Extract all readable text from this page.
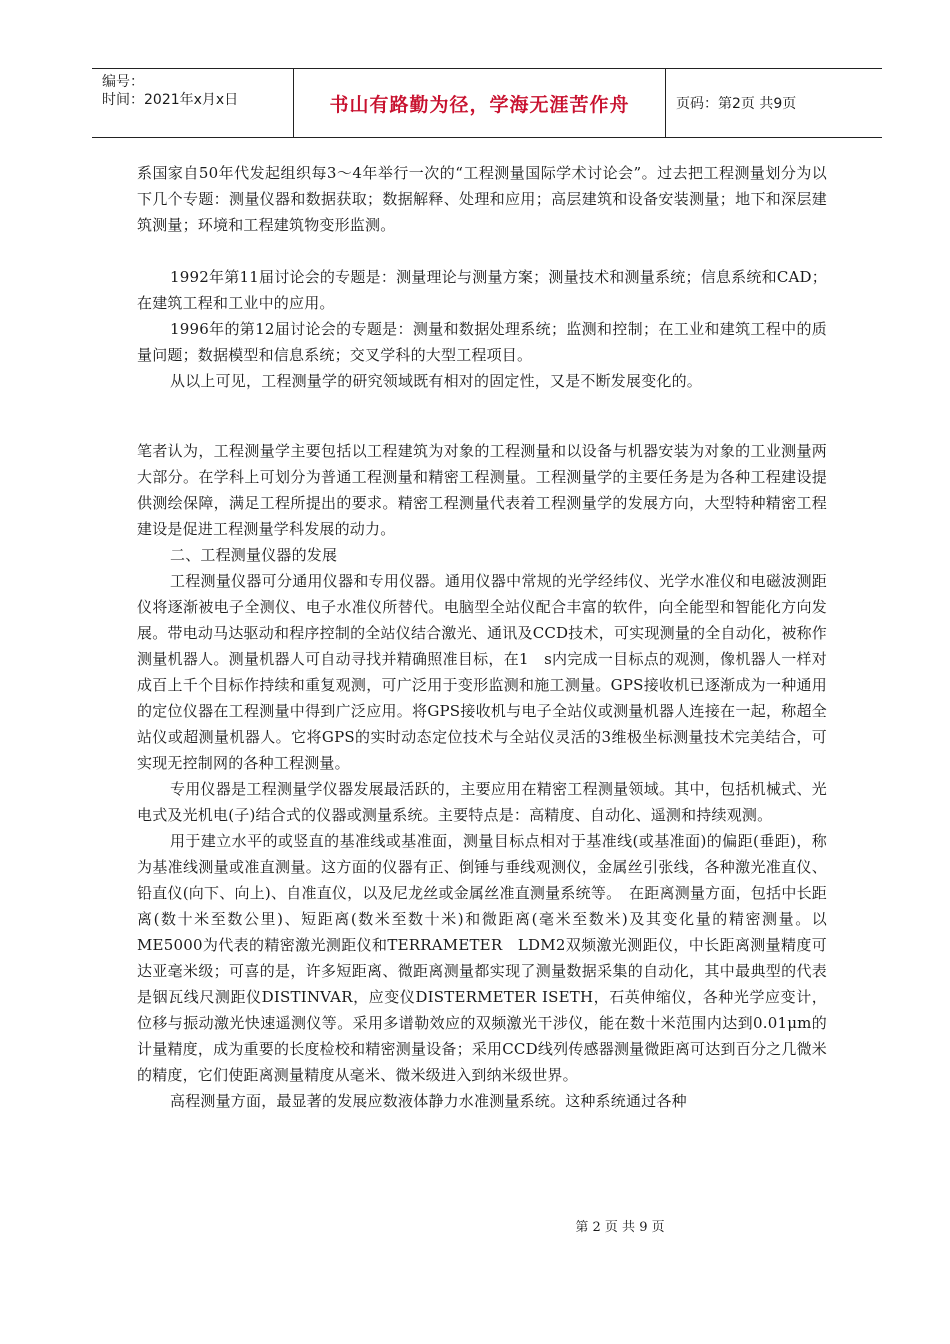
编号：
时间：2021年x月x日	书山有路勤为径，学海无涯苦作舟	页码：第2页 共9页

系国家自50年代发起组织每3～4年举行一次的“工程测量国际学术讨论会”。过去把工程测量划分为以下几个专题：测量仪器和数据获取；数据解释、处理和应用；高层建筑和设备安装测量；地下和深层建筑测量；环境和工程建筑物变形监测。

1992年第11届讨论会的专题是：测量理论与测量方案；测量技术和测量系统；信息系统和CAD；在建筑工程和工业中的应用。

1996年的第12届讨论会的专题是：测量和数据处理系统；监测和控制；在工业和建筑工程中的质量问题；数据模型和信息系统；交叉学科的大型工程项目。

从以上可见，工程测量学的研究领域既有相对的固定性，又是不断发展变化的。

笔者认为，工程测量学主要包括以工程建筑为对象的工程测量和以设备与机器安装为对象的工业测量两大部分。在学科上可划分为普通工程测量和精密工程测量。工程测量学的主要任务是为各种工程建设提供测绘保障，满足工程所提出的要求。精密工程测量代表着工程测量学的发展方向，大型特种精密工程建设是促进工程测量学科发展的动力。

二、工程测量仪器的发展

工程测量仪器可分通用仪器和专用仪器。通用仪器中常规的光学经纬仪、光学水准仪和电磁波测距仪将逐渐被电子全测仪、电子水准仪所替代。电脑型全站仪配合丰富的软件，向全能型和智能化方向发展。带电动马达驱动和程序控制的全站仪结合激光、通讯及CCD技术，可实现测量的全自动化，被称作测量机器人。测量机器人可自动寻找并精确照准目标，在1　s内完成一目标点的观测，像机器人一样对成百上千个目标作持续和重复观测，可广泛用于变形监测和施工测量。GPS接收机已逐渐成为一种通用的定位仪器在工程测量中得到广泛应用。将GPS接收机与电子全站仪或测量机器人连接在一起，称超全站仪或超测量机器人。它将GPS的实时动态定位技术与全站仪灵活的3维极坐标测量技术完美结合，可实现无控制网的各种工程测量。

专用仪器是工程测量学仪器发展最活跃的，主要应用在精密工程测量领域。其中，包括机械式、光电式及光机电(子)结合式的仪器或测量系统。主要特点是：高精度、自动化、遥测和持续观测。

用于建立水平的或竖直的基准线或基准面，测量目标点相对于基准线(或基准面)的偏距(垂距)，称为基准线测量或准直测量。这方面的仪器有正、倒锤与垂线观测仪，金属丝引张线，各种激光准直仪、铅直仪(向下、向上)、自准直仪，以及尼龙丝或金属丝准直测量系统等。　在距离测量方面，包括中长距离(数十米至数公里)、短距离(数米至数十米)和微距离(毫米至数米)及其变化量的精密测量。以ME5000为代表的精密激光测距仪和TERRAMETER　LDM2双频激光测距仪，中长距离测量精度可达亚毫米级；可喜的是，许多短距离、微距离测量都实现了测量数据采集的自动化，其中最典型的代表是铟瓦线尺测距仪DISTINVAR，应变仪DISTERMETER ISETH，石英伸缩仪，各种光学应变计，位移与振动激光快速遥测仪等。采用多谱勒效应的双频激光干涉仪，能在数十米范围内达到0.01μm的计量精度，成为重要的长度检校和精密测量设备；采用CCD线列传感器测量微距离可达到百分之几微米的精度，它们使距离测量精度从毫米、微米级进入到纳米级世界。

高程测量方面，最显著的发展应数液体静力水准测量系统。这种系统通过各种

第 2 页 共 9 页
